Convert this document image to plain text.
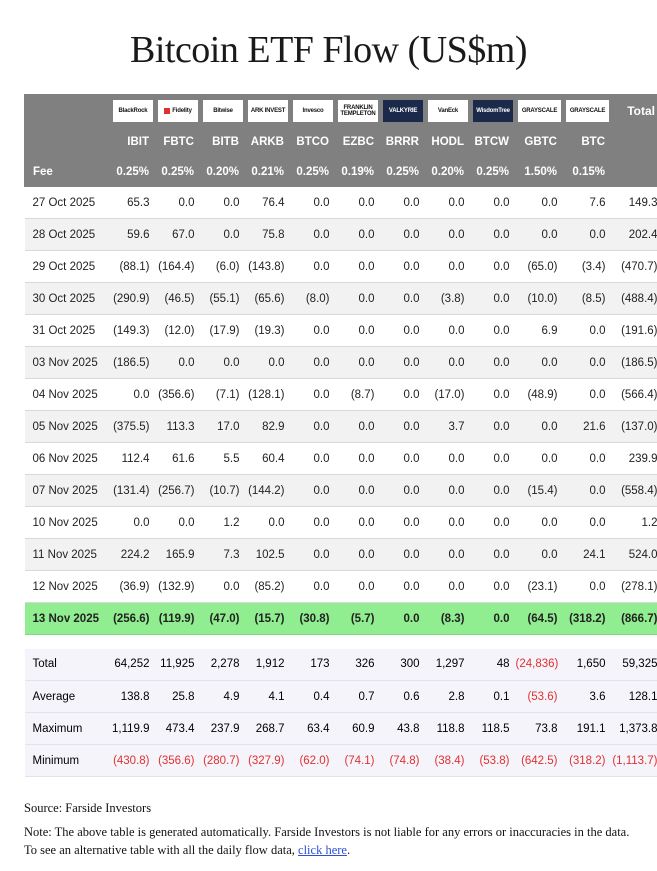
Bitcoin ETF Flow (US$m)

	BlackRock	Fidelity	Bitwise	ARK INVEST	Invesco	FRANKLIN TEMPLETON	VALKYRIE	VanEck	WisdomTree	GRAYSCALE	GRAYSCALE	Total

	IBIT	FBTC	BITB	ARKB	BTCO	EZBC	BRRR	HODL	BTCW	GBTC	BTC	
Fee	0.25%	0.25%	0.20%	0.21%	0.25%	0.19%	0.25%	0.20%	0.25%	1.50%	0.15%	
27 Oct 2025	65.3	0.0	0.0	76.4	0.0	0.0	0.0	0.0	0.0	0.0	7.6	149.3
28 Oct 2025	59.6	67.0	0.0	75.8	0.0	0.0	0.0	0.0	0.0	0.0	0.0	202.4
29 Oct 2025	(88.1)	(164.4)	(6.0)	(143.8)	0.0	0.0	0.0	0.0	0.0	(65.0)	(3.4)	(470.7)
30 Oct 2025	(290.9)	(46.5)	(55.1)	(65.6)	(8.0)	0.0	0.0	(3.8)	0.0	(10.0)	(8.5)	(488.4)
31 Oct 2025	(149.3)	(12.0)	(17.9)	(19.3)	0.0	0.0	0.0	0.0	0.0	6.9	0.0	(191.6)
03 Nov 2025	(186.5)	0.0	0.0	0.0	0.0	0.0	0.0	0.0	0.0	0.0	0.0	(186.5)
04 Nov 2025	0.0	(356.6)	(7.1)	(128.1)	0.0	(8.7)	0.0	(17.0)	0.0	(48.9)	0.0	(566.4)
05 Nov 2025	(375.5)	113.3	17.0	82.9	0.0	0.0	0.0	3.7	0.0	0.0	21.6	(137.0)
06 Nov 2025	112.4	61.6	5.5	60.4	0.0	0.0	0.0	0.0	0.0	0.0	0.0	239.9
07 Nov 2025	(131.4)	(256.7)	(10.7)	(144.2)	0.0	0.0	0.0	0.0	0.0	(15.4)	0.0	(558.4)
10 Nov 2025	0.0	0.0	1.2	0.0	0.0	0.0	0.0	0.0	0.0	0.0	0.0	1.2
11 Nov 2025	224.2	165.9	7.3	102.5	0.0	0.0	0.0	0.0	0.0	0.0	24.1	524.0
12 Nov 2025	(36.9)	(132.9)	0.0	(85.2)	0.0	0.0	0.0	0.0	0.0	(23.1)	0.0	(278.1)
13 Nov 2025	(256.6)	(119.9)	(47.0)	(15.7)	(30.8)	(5.7)	0.0	(8.3)	0.0	(64.5)	(318.2)	(866.7)

Total	64,252	11,925	2,278	1,912	173	326	300	1,297	48	(24,836)	1,650	59,325
Average	138.8	25.8	4.9	4.1	0.4	0.7	0.6	2.8	0.1	(53.6)	3.6	128.1
Maximum	1,119.9	473.4	237.9	268.7	63.4	60.9	43.8	118.8	118.5	73.8	191.1	1,373.8
Minimum	(430.8)	(356.6)	(280.7)	(327.9)	(62.0)	(74.1)	(74.8)	(38.4)	(53.8)	(642.5)	(318.2)	(1,113.7)
Source: Farside Investors
Note: The above table is generated automatically. Farside Investors is not liable for any errors or inaccuracies in the data. To see an alternative table with all the daily flow data, click here.
